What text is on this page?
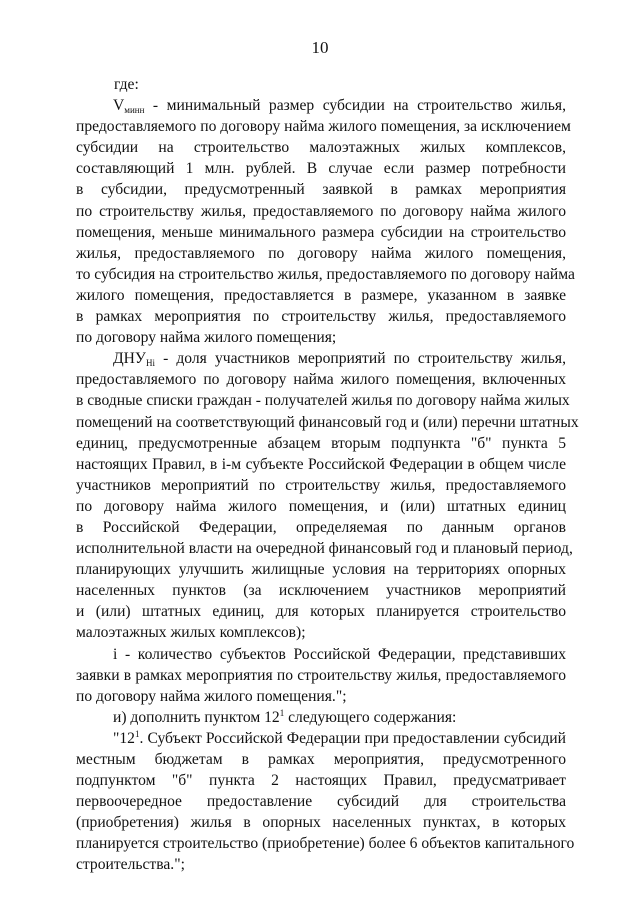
10
где:
$V_{минн}$ - минимальный размер субсидии на строительство жилья,
предоставляемого по договору найма жилого помещения, за исключением
субсидии на строительство малоэтажных жилых комплексов,
составляющий 1 млн. рублей. В случае если размер потребности
в субсидии, предусмотренный заявкой в рамках мероприятия
по строительству жилья, предоставляемого по договору найма жилого
помещения, меньше минимального размера субсидии на строительство
жилья, предоставляемого по договору найма жилого помещения,
то субсидия на строительство жилья, предоставляемого по договору найма
жилого помещения, предоставляется в размере, указанном в заявке
в рамках мероприятия по строительству жилья, предоставляемого
по договору найма жилого помещения;
$ДНУ_{Hi}$ - доля участников мероприятий по строительству жилья,
предоставляемого по договору найма жилого помещения, включенных
в сводные списки граждан - получателей жилья по договору найма жилых
помещений на соответствующий финансовый год и (или) перечни штатных
единиц, предусмотренные абзацем вторым подпункта "б" пункта 5
настоящих Правил, в i-м субъекте Российской Федерации в общем числе
участников мероприятий по строительству жилья, предоставляемого
по договору найма жилого помещения, и (или) штатных единиц
в Российской Федерации, определяемая по данным органов
исполнительной власти на очередной финансовый год и плановый период,
планирующих улучшить жилищные условия на территориях опорных
населенных пунктов (за исключением участников мероприятий
и (или) штатных единиц, для которых планируется строительство
малоэтажных жилых комплексов);
i - количество субъектов Российской Федерации, представивших
заявки в рамках мероприятия по строительству жилья, предоставляемого
по договору найма жилого помещения.";
и) дополнить пунктом $12^1$ следующего содержания:
"$12^1$. Субъект Российской Федерации при предоставлении субсидий
местным бюджетам в рамках мероприятия, предусмотренного
подпунктом "б" пункта 2 настоящих Правил, предусматривает
первоочередное предоставление субсидий для строительства
(приобретения) жилья в опорных населенных пунктах, в которых
планируется строительство (приобретение) более 6 объектов капитального
строительства.";
